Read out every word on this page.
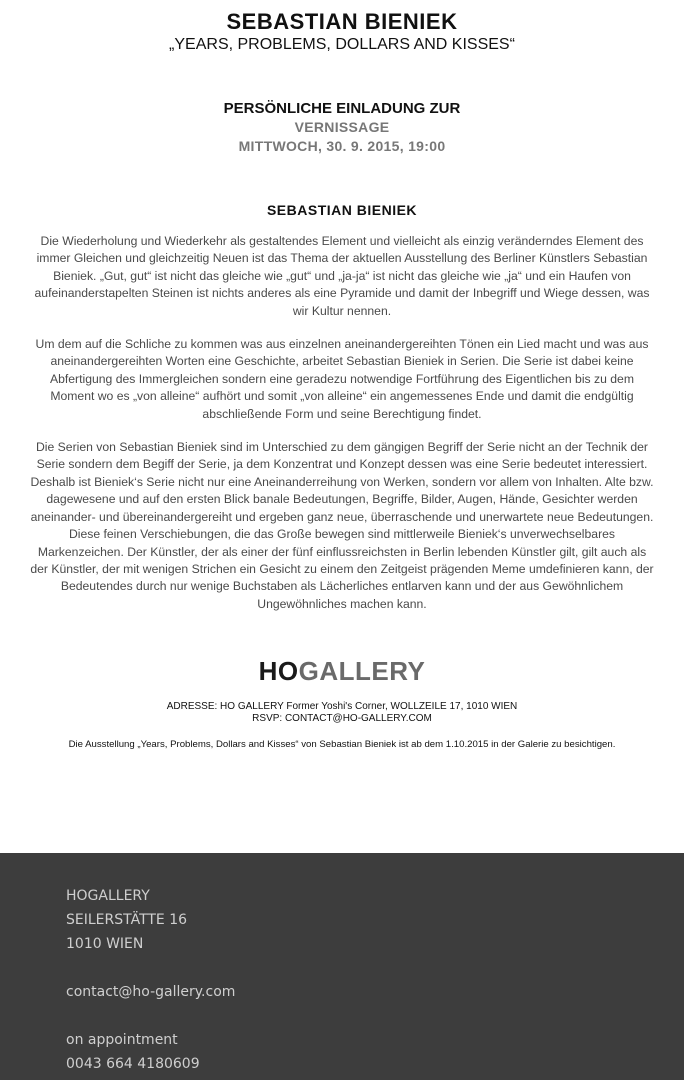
SEBASTIAN BIENIEK
„YEARS, PROBLEMS, DOLLARS AND KISSES“
PERSÖNLICHE EINLADUNG ZUR
VERNISSAGE
MITTWOCH, 30. 9. 2015, 19:00
SEBASTIAN BIENIEK

Die Wiederholung und Wiederkehr als gestaltendes Element und vielleicht als einzig veränderndes Element des immer Gleichen und gleichzeitig Neuen ist das Thema der aktuellen Ausstellung des Berliner Künstlers Sebastian Bieniek. „Gut, gut“ ist nicht das gleiche wie „gut“ und „ja-ja“ ist nicht das gleiche wie „ja“ und ein Haufen von aufeinanderstapelten Steinen ist nichts anderes als eine Pyramide und damit der Inbegriff und Wiege dessen, was wir Kultur nennen.

Um dem auf die Schliche zu kommen was aus einzelnen aneinandergereihten Tönen ein Lied macht und was aus aneinandergereihten Worten eine Geschichte, arbeitet Sebastian Bieniek in Serien. Die Serie ist dabei keine Abfertigung des Immergleichen sondern eine geradezu notwendige Fortführung des Eigentlichen bis zu dem Moment wo es „von alleine“ aufhört und somit „von alleine“ ein angemessenes Ende und damit die endgültig abschließende Form und seine Berechtigung findet.

Die Serien von Sebastian Bieniek sind im Unterschied zu dem gängigen Begriff der Serie nicht an der Technik der Serie sondern dem Begiff der Serie, ja dem Konzentrat und Konzept dessen was eine Serie bedeutet interessiert. Deshalb ist Bieniek‘s Serie nicht nur eine Aneinanderreihung von Werken, sondern vor allem von Inhalten. Alte bzw. dagewesene und auf den ersten Blick banale Bedeutungen, Begriffe, Bilder, Augen, Hände, Gesichter werden aneinander- und übereinandergereiht und ergeben ganz neue, überraschende und unerwartete neue Bedeutungen. Diese feinen Verschiebungen, die das Große bewegen sind mittlerweile Bieniek‘s unverwechselbares Markenzeichen. Der Künstler, der als einer der fünf einflussreichsten in Berlin lebenden Künstler gilt, gilt auch als der Künstler, der mit wenigen Strichen ein Gesicht zu einem den Zeitgeist prägenden Meme umdefinieren kann, der Bedeutendes durch nur wenige Buchstaben als Lächerliches entlarven kann und der aus Gewöhnlichem Ungewöhnliches machen kann.

HOGALLERY
ADRESSE: HO GALLERY Former Yoshi's Corner, WOLLZEILE 17, 1010 WIEN
RSVP: CONTACT@HO-GALLERY.COM
Die Ausstellung „Years, Problems, Dollars and Kisses“ von Sebastian Bieniek ist ab dem 1.10.2015 in der Galerie zu besichtigen.
HOGALLERY
SEILERSTÄTTE 16
1010 WIEN
contact@ho-gallery.com
on appointment
0043 664 4180609
